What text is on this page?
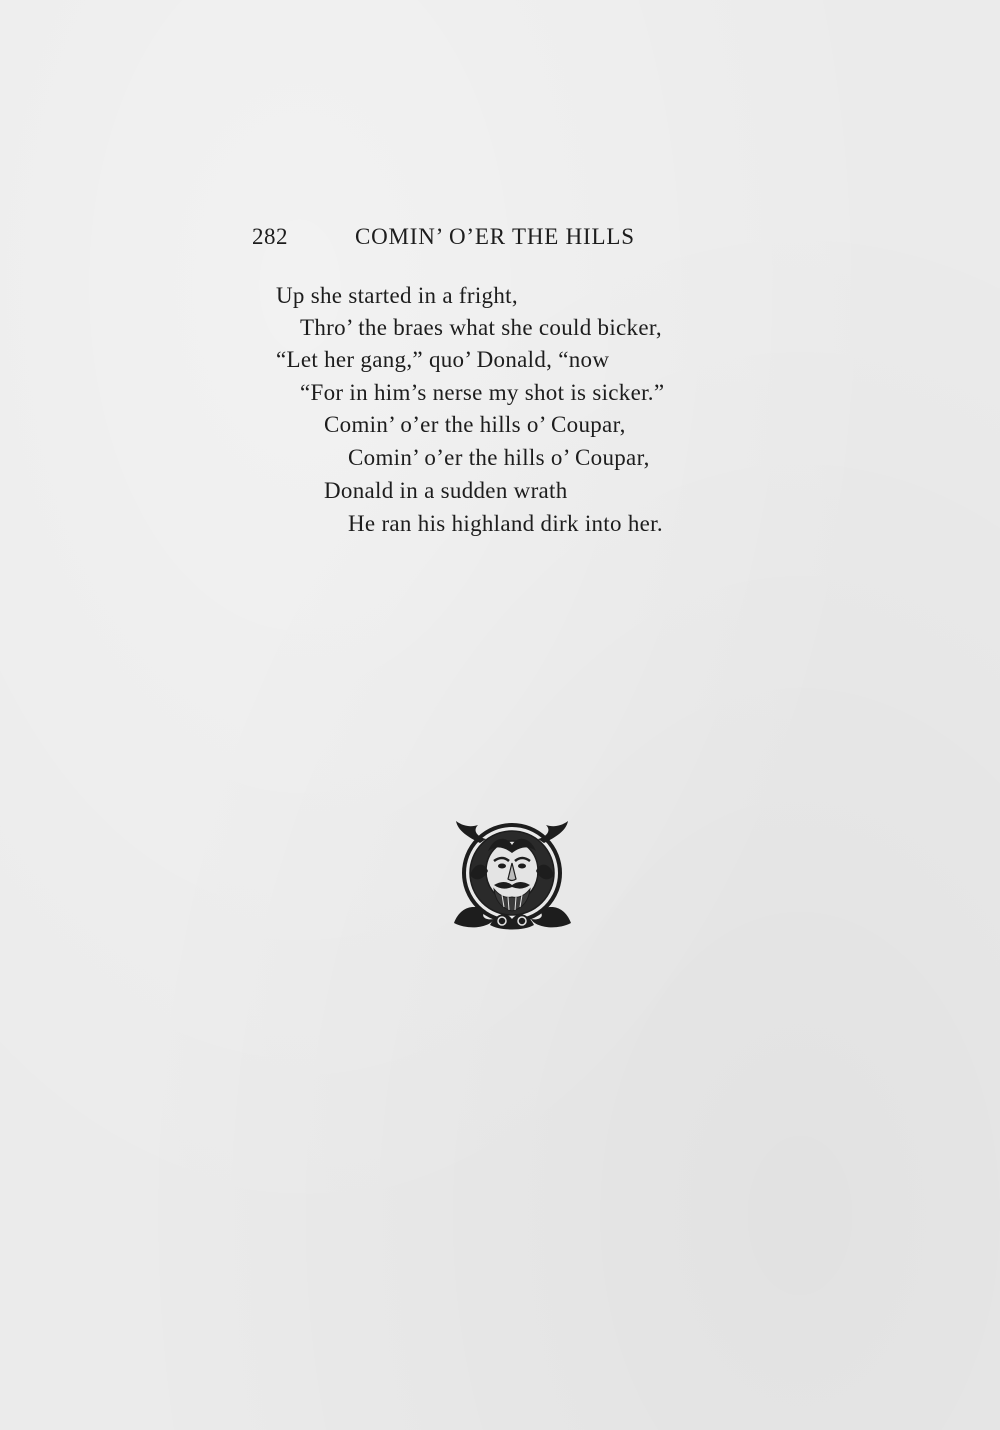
282	COMIN’ O’ER THE HILLS
Up she started in a fright,
Thro’ the braes what she could bicker,
“Let her gang,” quo’ Donald, “now
“For in him’s nerse my shot is sicker.”
Comin’ o’er the hills o’ Coupar,
Comin’ o’er the hills o’ Coupar,
Donald in a sudden wrath
He ran his highland dirk into her.
